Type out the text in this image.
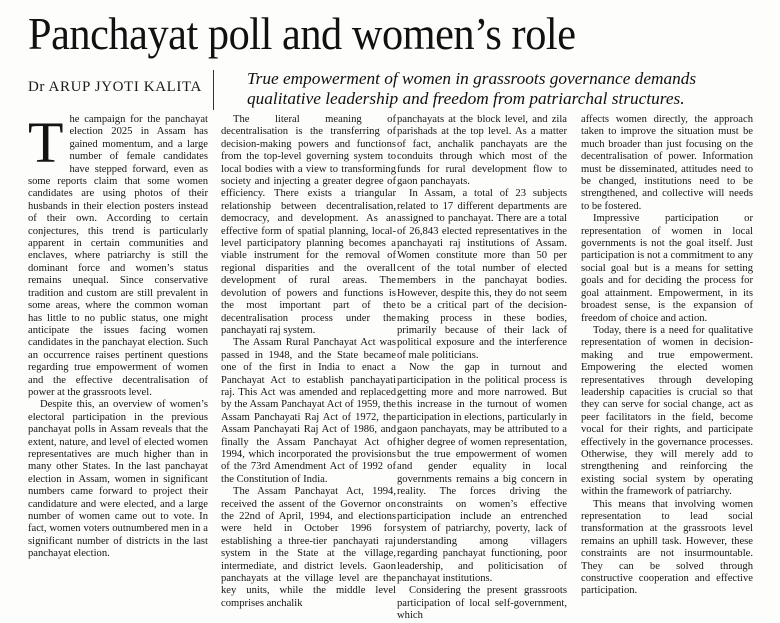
Panchayat poll and women’s role
Dr ARUP JYOTI KALITA	True empowerment of women in grassroots governance demands
qualitative leadership and freedom from patriarchal structures.

The campaign for the panchayat election 2025 in Assam has gained momentum, and a large number of female candidates have stepped forward, even as some reports claim that some women candidates are using photos of their husbands in their election posters instead of their own. According to certain conjectures, this trend is particularly apparent in certain communities and enclaves, where patriarchy is still the dominant force and women’s status remains unequal. Since conservative tradition and custom are still prevalent in some areas, where the common woman has little to no public status, one might anticipate the issues facing women candidates in the panchayat election. Such an occurrence raises pertinent questions regarding true empowerment of women and the effective decentralisation of power at the grassroots level.

Despite this, an overview of women’s electoral participation in the previous panchayat polls in Assam reveals that the extent, nature, and level of elected women representatives are much higher than in many other States. In the last panchayat election in Assam, women in significant numbers came forward to project their candidature and were elected, and a large number of women came out to vote. In fact, women voters outnumbered men in a significant number of districts in the last panchayat election.

The literal meaning of decentralisation is the transferring of decision-making powers and functions from the top-level governing system to local bodies with a view to transforming society and injecting a greater degree of efficiency. There exists a triangular relationship between decentralisation, democracy, and development. As an effective form of spatial planning, local-level participatory planning becomes a viable instrument for the removal of regional disparities and the overall development of rural areas. The devolution of powers and functions is the most important part of the decentralisation process under the panchayati raj system.

The Assam Rural Panchayat Act was passed in 1948, and the State became one of the first in India to enact a Panchayat Act to establish panchayati raj. This Act was amended and replaced by the Assam Panchayat Act of 1959, the Assam Panchayati Raj Act of 1972, the Assam Panchayati Raj Act of 1986, and finally the Assam Panchayat Act of 1994, which incorporated the provisions of the 73rd Amendment Act of 1992 of the Constitution of India.

The Assam Panchayat Act, 1994, received the assent of the Governor on the 22nd of April, 1994, and elections were held in October 1996 for establishing a three-tier panchayati raj system in the State at the village, intermediate, and district levels. Gaon panchayats at the village level are the key units, while the middle level comprises anchalik

panchayats at the block level, and zila parishads at the top level. As a matter of fact, anchalik panchayats are the conduits through which most of the funds for rural development flow to gaon panchayats.

In Assam, a total of 23 subjects related to 17 different departments are assigned to panchayat. There are a total of 26,843 elected representatives in the panchayati raj institutions of Assam. Women constitute more than 50 per cent of the total number of elected members in the panchayat bodies. However, despite this, they do not seem to be a critical part of the decision-making process in these bodies, primarily because of their lack of political exposure and the interference of male politicians.

Now the gap in turnout and participation in the political process is getting more and more narrowed. But this increase in the turnout of women participation in elections, particularly in gaon panchayats, may be attributed to a higher degree of women representation, but the true empowerment of women and gender equality in local governments remains a big concern in reality. The forces driving the constraints on women’s effective participation include an entrenched system of patriarchy, poverty, lack of understanding among villagers regarding panchayat functioning, poor leadership, and politicisation of panchayat institutions.

Considering the present grassroots participation of local self-government, which

affects women directly, the approach taken to improve the situation must be much broader than just focusing on the decentralisation of power. Information must be disseminated, attitudes need to be changed, institutions need to be strengthened, and collective will needs to be fostered.

Impressive participation or representation of women in local governments is not the goal itself. Just participation is not a commitment to any social goal but is a means for setting goals and for deciding the process for goal attainment. Empowerment, in its broadest sense, is the expansion of freedom of choice and action.

Today, there is a need for qualitative representation of women in decision-making and true empowerment. Empowering the elected women representatives through developing leadership capacities is crucial so that they can serve for social change, act as peer facilitators in the field, become vocal for their rights, and participate effectively in the governance processes. Otherwise, they will merely add to strengthening and reinforcing the existing social system by operating within the framework of patriarchy.

This means that involving women representation to lead social transformation at the grassroots level remains an uphill task. However, these constraints are not insurmountable. They can be solved through constructive cooperation and effective participation.
